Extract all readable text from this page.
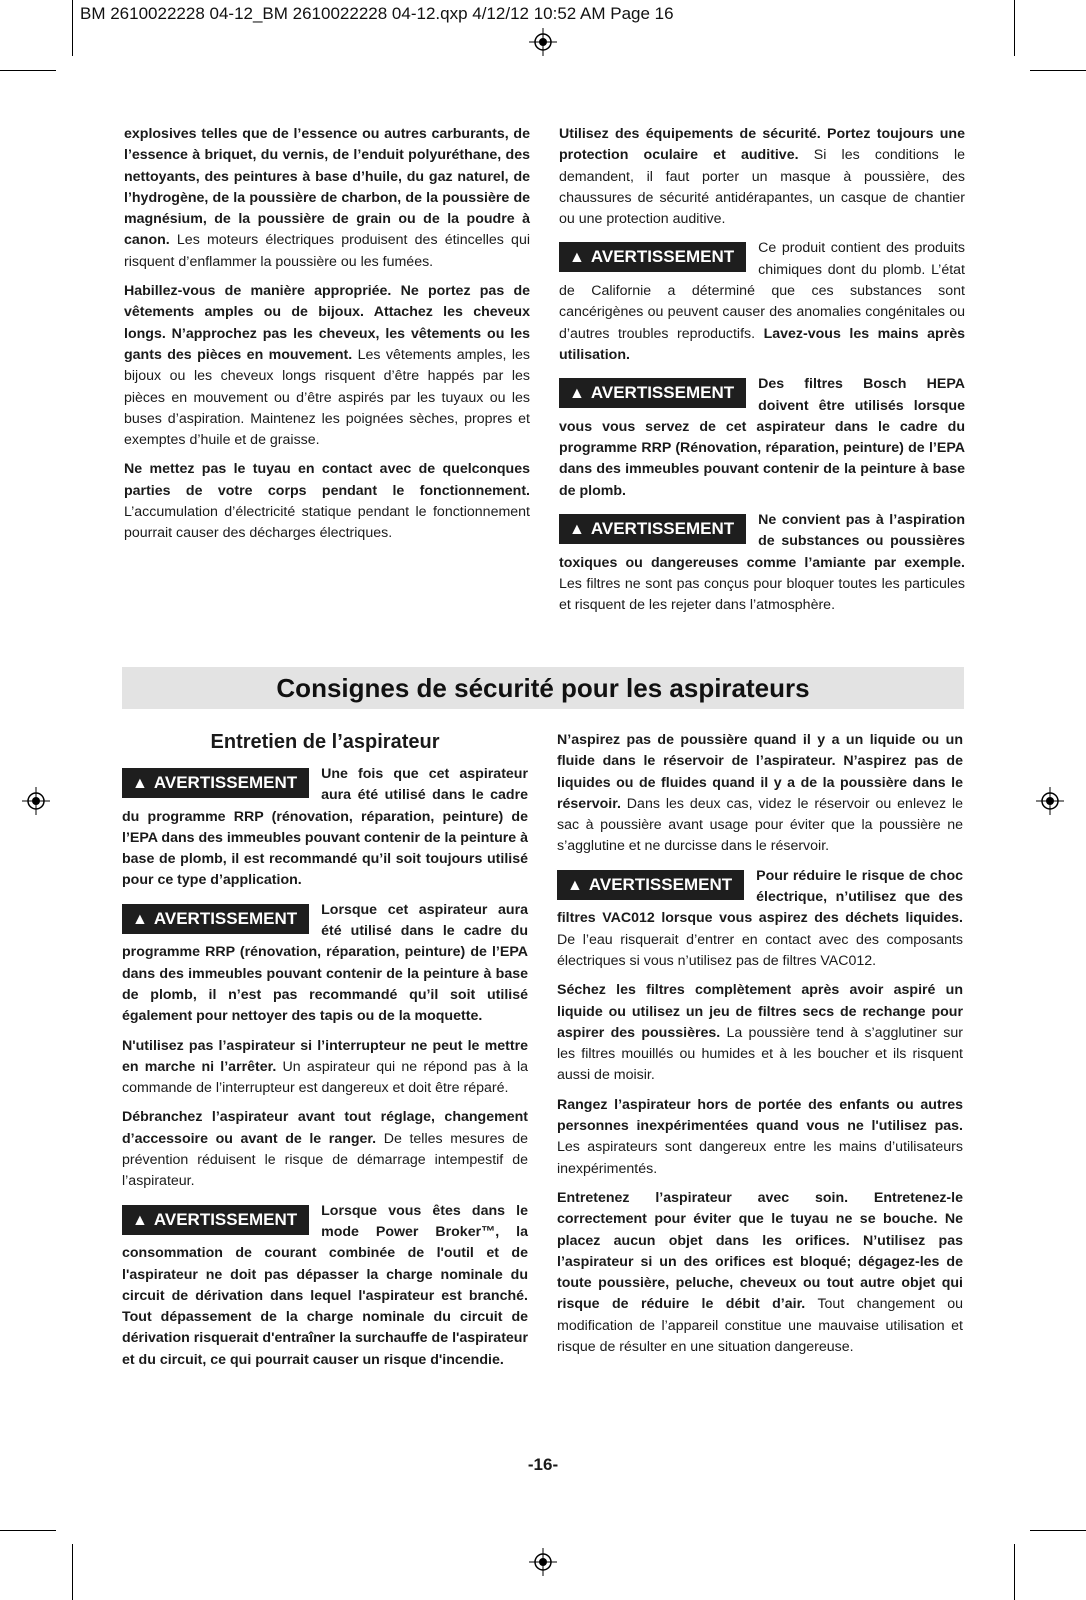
BM 2610022228 04-12_BM 2610022228 04-12.qxp 4/12/12 10:52 AM Page 16

explosives telles que de l’essence ou autres carburants, de l’essence à briquet, du vernis, de l’enduit polyuréthane, des nettoyants, des peintures à base d’huile, du gaz naturel, de l’hydrogène, de la poussière de charbon, de la poussière de magnésium, de la poussière de grain ou de la poudre à canon. Les moteurs électriques produisent des étincelles qui risquent d’enflammer la poussière ou les fumées.

Habillez-vous de manière appropriée. Ne portez pas de vêtements amples ou de bijoux. Attachez les cheveux longs. N’approchez pas les cheveux, les vêtements ou les gants des pièces en mouvement. Les vêtements amples, les bijoux ou les cheveux longs risquent d’être happés par les pièces en mouvement ou d’être aspirés par les tuyaux ou les buses d’aspiration. Maintenez les poignées sèches, propres et exemptes d’huile et de graisse.

Ne mettez pas le tuyau en contact avec de quelconques parties de votre corps pendant le fonctionnement. L’accumulation d’électricité statique pendant le fonctionnement pourrait causer des décharges électriques.

Utilisez des équipements de sécurité. Portez toujours une protection oculaire et auditive. Si les conditions le demandent, il faut porter un masque à poussière, des chaussures de sécurité antidérapantes, un casque de chantier ou une protection auditive.

▲ AVERTISSEMENT	Ce produit contient des produits chimiques dont du plomb. L’état de Californie a déterminé que ces substances sont cancérigènes ou peuvent causer des anomalies congénitales ou d’autres troubles reproductifs. Lavez-vous les mains après utilisation.
▲ AVERTISSEMENT	Des filtres Bosch HEPA doivent être utilisés lorsque vous vous servez de cet aspirateur dans le cadre du programme RRP (Rénovation, réparation, peinture) de l’EPA dans des immeubles pouvant contenir de la peinture à base de plomb.
▲ AVERTISSEMENT	Ne convient pas à l’aspiration de substances ou poussières toxiques ou dangereuses comme l’amiante par exemple. Les filtres ne sont pas conçus pour bloquer toutes les particules et risquent de les rejeter dans l’atmosphère.
Consignes de sécurité pour les aspirateurs
Entretien de l’aspirateur
▲ AVERTISSEMENT	Une fois que cet aspirateur aura été utilisé dans le cadre du programme RRP (rénovation, réparation, peinture) de l’EPA dans des immeubles pouvant contenir de la peinture à base de plomb, il est recommandé qu’il soit toujours utilisé pour ce type d’application.
▲ AVERTISSEMENT	Lorsque cet aspirateur aura été utilisé dans le cadre du programme RRP (rénovation, réparation, peinture) de l’EPA dans des immeubles pouvant contenir de la peinture à base de plomb, il n’est pas recommandé qu’il soit utilisé également pour nettoyer des tapis ou de la moquette.

N'utilisez pas l’aspirateur si l’interrupteur ne peut le mettre en marche ni l’arrêter. Un aspirateur qui ne répond pas à la commande de l’interrupteur est dangereux et doit être réparé.

Débranchez l’aspirateur avant tout réglage, changement d’accessoire ou avant de le ranger. De telles mesures de prévention réduisent le risque de démarrage intempestif de l’aspirateur.

▲ AVERTISSEMENT	Lorsque vous êtes dans le mode Power Broker™, la consommation de courant combinée de l'outil et de l'aspirateur ne doit pas dépasser la charge nominale du circuit de dérivation dans lequel l'aspirateur est branché. Tout dépassement de la charge nominale du circuit de dérivation risquerait d'entraîner la surchauffe de l'aspirateur et du circuit, ce qui pourrait causer un risque d'incendie.

N’aspirez pas de poussière quand il y a un liquide ou un fluide dans le réservoir de l’aspirateur. N’aspirez pas de liquides ou de fluides quand il y a de la poussière dans le réservoir. Dans les deux cas, videz le réservoir ou enlevez le sac à poussière avant usage pour éviter que la poussière ne s’agglutine et ne durcisse dans le réservoir.

▲ AVERTISSEMENT	Pour réduire le risque de choc électrique, n’utilisez que des filtres VAC012 lorsque vous aspirez des déchets liquides. De l’eau risquerait d’entrer en contact avec des composants électriques si vous n’utilisez pas de filtres VAC012.

Séchez les filtres complètement après avoir aspiré un liquide ou utilisez un jeu de filtres secs de rechange pour aspirer des poussières. La poussière tend à s’agglutiner sur les filtres mouillés ou humides et à les boucher et ils risquent aussi de moisir.

Rangez l’aspirateur hors de portée des enfants ou autres personnes inexpérimentées quand vous ne l'utilisez pas. Les aspirateurs sont dangereux entre les mains d’utilisateurs inexpérimentés.

Entretenez l’aspirateur avec soin. Entretenez-le correctement pour éviter que le tuyau ne se bouche. Ne placez aucun objet dans les orifices. N’utilisez pas l’aspirateur si un des orifices est bloqué; dégagez-les de toute poussière, peluche, cheveux ou tout autre objet qui risque de réduire le débit d’air. Tout changement ou modification de l’appareil constitue une mauvaise utilisation et risque de résulter en une situation dangereuse.

-16-
